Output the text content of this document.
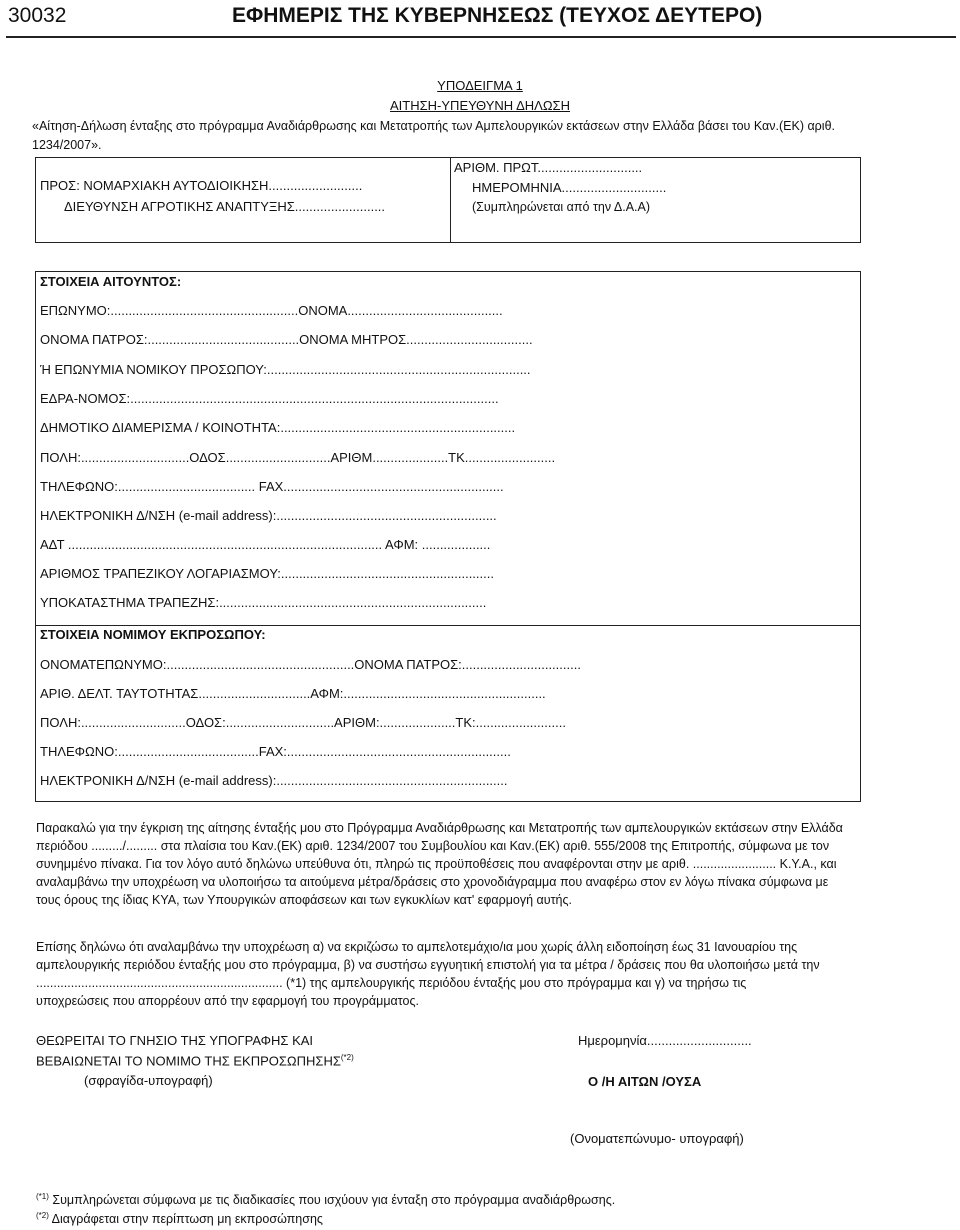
30032	ΕΦΗΜΕΡΙΣ ΤΗΣ ΚΥΒΕΡΝΗΣΕΩΣ (ΤΕΥΧΟΣ ΔΕΥΤΕΡΟ)
ΥΠΟΔΕΙΓΜΑ 1
ΑΙΤΗΣΗ-ΥΠΕΥΘΥΝΗ ΔΗΛΩΣΗ
«Αίτηση-Δήλωση ένταξης στο πρόγραμμα Αναδιάρθρωσης και Μετατροπής των Αμπελουργικών εκτάσεων στην Ελλάδα βάσει του Καν.(ΕΚ) αριθ.
1234/2007».
ΠΡΟΣ: ΝΟΜΑΡΧΙΑΚΗ ΑΥΤΟΔΙΟΙΚΗΣΗ..........................
ΔΙΕΥΘΥΝΣΗ ΑΓΡΟΤΙΚΗΣ ΑΝΑΠΤΥΞΗΣ.........................
ΑΡΙΘΜ. ΠΡΩΤ.............................
ΗΜΕΡΟΜΗΝΙΑ.............................
(Συμπληρώνεται από την Δ.Α.Α)
ΣΤΟΙΧΕΙΑ ΑΙΤΟΥΝΤΟΣ:
ΕΠΩΝΥΜΟ:....................................................ΟΝΟΜΑ...........................................
ΟΝΟΜΑ ΠΑΤΡΟΣ:..........................................ΟΝΟΜΑ ΜΗΤΡΟΣ...................................
Ή ΕΠΩΝΥΜΙΑ ΝΟΜΙΚΟΥ ΠΡΟΣΩΠΟΥ:.........................................................................
ΕΔΡΑ-ΝΟΜΟΣ:......................................................................................................
ΔΗΜΟΤΙΚΟ ΔΙΑΜΕΡΙΣΜΑ / ΚΟΙΝΟΤΗΤΑ:.................................................................
ΠΟΛΗ:..............................ΟΔΟΣ.............................ΑΡΙΘΜ.....................ΤΚ.........................
ΤΗΛΕΦΩΝΟ:...................................... FAX.............................................................
ΗΛΕΚΤΡΟΝΙΚΗ Δ/ΝΣΗ (e-mail address):.............................................................
ΑΔΤ ....................................................................................... ΑΦΜ: ...................
ΑΡΙΘΜΟΣ ΤΡΑΠΕΖΙΚΟΥ ΛΟΓΑΡΙΑΣΜΟΥ:...........................................................
ΥΠΟΚΑΤΑΣΤΗΜΑ ΤΡΑΠΕΖΗΣ:..........................................................................
ΣΤΟΙΧΕΙΑ ΝΟΜΙΜΟΥ ΕΚΠΡΟΣΩΠΟΥ:
ΟΝΟΜΑΤΕΠΩΝΥΜΟ:....................................................ΟΝΟΜΑ ΠΑΤΡΟΣ:.................................
ΑΡΙΘ. ΔΕΛΤ. ΤΑΥΤΟΤΗΤΑΣ...............................ΑΦΜ:........................................................
ΠΟΛΗ:.............................ΟΔΟΣ:..............................ΑΡΙΘΜ:.....................ΤΚ:.........................
ΤΗΛΕΦΩΝΟ:.......................................FAX:..............................................................
ΗΛΕΚΤΡΟΝΙΚΗ Δ/ΝΣΗ (e-mail address):................................................................
Παρακαλώ για την έγκριση της αίτησης ένταξής μου στο Πρόγραμμα Αναδιάρθρωσης και Μετατροπής των αμπελουργικών εκτάσεων στην Ελλάδα
περιόδου ........./......... στα πλαίσια του Καν.(ΕΚ) αριθ. 1234/2007 του Συμβουλίου και Καν.(ΕΚ) αριθ. 555/2008 της Επιτροπής, σύμφωνα με τον
συνημμένο πίνακα. Για τον λόγο αυτό δηλώνω υπεύθυνα ότι, πληρώ τις προϋποθέσεις που αναφέρονται στην με αριθ. ........................ Κ.Υ.Α., και
αναλαμβάνω την υποχρέωση να υλοποιήσω τα αιτούμενα μέτρα/δράσεις στο χρονοδιάγραμμα που αναφέρω στον εν λόγω πίνακα σύμφωνα με
τους όρους της ίδιας ΚΥΑ, των Υπουργικών αποφάσεων και των εγκυκλίων κατ' εφαρμογή αυτής.
Επίσης δηλώνω ότι αναλαμβάνω την υποχρέωση α) να εκριζώσω το αμπελοτεμάχιο/ια μου χωρίς άλλη ειδοποίηση έως 31 Ιανουαρίου της
αμπελουργικής περιόδου ένταξής μου στο πρόγραμμα, β) να συστήσω εγγυητική επιστολή για τα μέτρα / δράσεις που θα υλοποιήσω μετά την
....................................................................... (*1) της αμπελουργικής περιόδου ένταξής μου στο πρόγραμμα και γ) να τηρήσω τις
υποχρεώσεις που απορρέουν από την εφαρμογή του προγράμματος.
ΘΕΩΡΕΙΤΑΙ ΤΟ ΓΝΗΣΙΟ ΤΗΣ ΥΠΟΓΡΑΦΗΣ ΚΑΙ
ΒΕΒΑΙΩΝΕΤΑΙ ΤΟ ΝΟΜΙΜΟ ΤΗΣ $EK\Pi PO\Sigma\Omega\Pi H\Sigma H\Sigma^{(*2)}$
(σφραγίδα-υπογραφή)
Ημερομηνία.............................
Ο /Η ΑΙΤΩΝ /ΟΥΣΑ
(Ονοματεπώνυμο- υπογραφή)
$^{(*1)}$ Συμπληρώνεται σύμφωνα με τις διαδικασίες που ισχύουν για ένταξη στο πρόγραμμα αναδιάρθρωσης.
$^{(*2)}$ Διαγράφεται στην περίπτωση μη εκπροσώπησης
